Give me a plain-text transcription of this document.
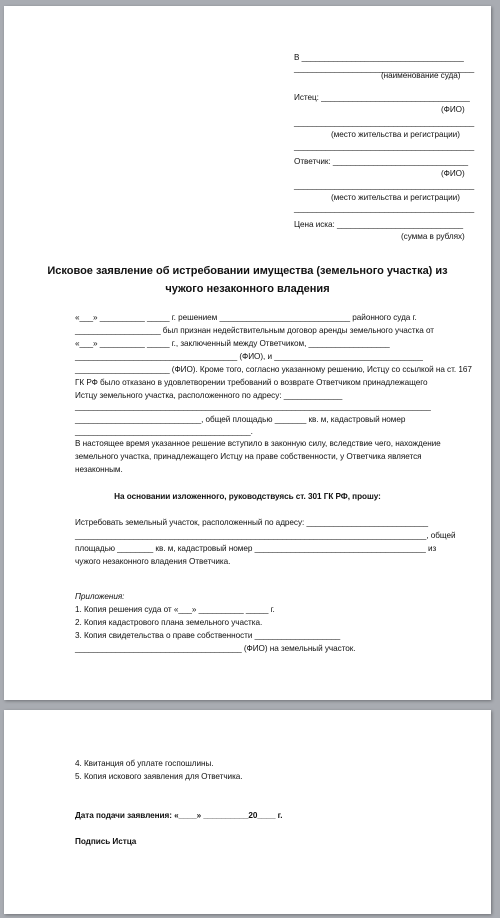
В ____________________________________
________________________________________
(наименование суда)
Истец: _________________________________
(ФИО)
________________________________________
(место жительства и регистрации)
________________________________________
Ответчик: ______________________________
(ФИО)
________________________________________
(место жительства и регистрации)
________________________________________
Цена иска: ____________________________
(сумма в рублях)
Исковое заявление об истребовании имущества (земельного участка) из
чужого незаконного владения
«___» __________ _____ г. решением _____________________________ районного суда г.
___________________ был признан недействительным договор аренды земельного участка от
«___» __________ _____ г., заключенный между Ответчиком, __________________
____________________________________ (ФИО), и _________________________________
_____________________ (ФИО). Кроме того, согласно указанному решению, Истцу со ссылкой на ст. 167
ГК РФ было отказано в удовлетворении требований о возврате Ответчиком принадлежащего
Истцу земельного участка, расположенного по адресу: _____________
_______________________________________________________________________________
____________________________, общей площадью _______ кв. м, кадастровый номер
_______________________________________.
В настоящее время указанное решение вступило в законную силу, вследствие чего, нахождение
земельного участка, принадлежащего Истцу на праве собственности, у Ответчика является
незаконным.
На основании изложенного, руководствуясь ст. 301 ГК РФ, прошу:
Истребовать земельный участок, расположенный по адресу: ___________________________
______________________________________________________________________________, общей
площадью ________ кв. м, кадастровый номер ______________________________________ из
чужого незаконного владения Ответчика.
Приложения:
1. Копия решения суда от «___» __________ _____ г.
2. Копия кадастрового плана земельного участка.
3. Копия свидетельства о праве собственности ___________________
_____________________________________ (ФИО) на земельный участок.
4. Квитанция об уплате госпошлины.
5. Копия искового заявления для Ответчика.
Дата подачи заявления: «____» __________20____ г.
Подпись Истца
